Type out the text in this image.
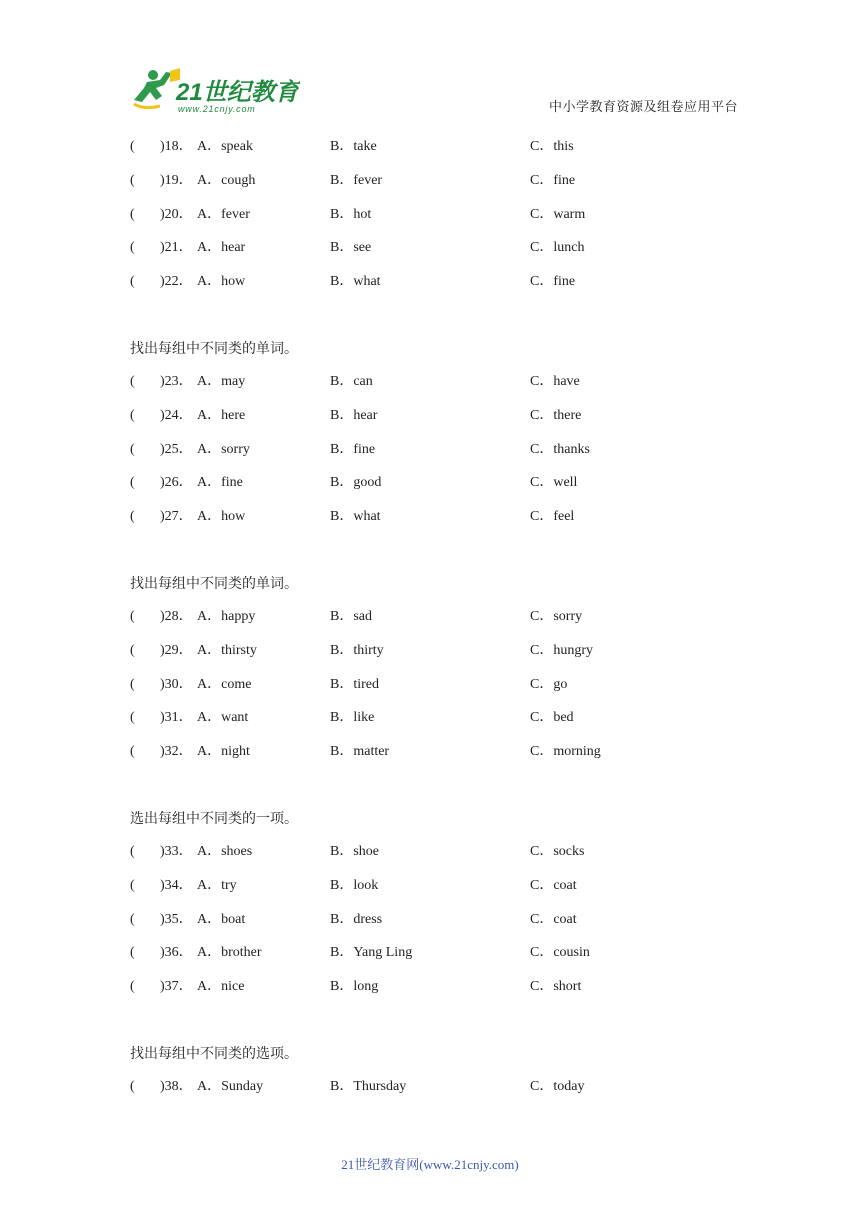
21世纪教育
www.21cnjy.com	中小学教育资源及组卷应用平台
( )18． A．speak	B．take	C．this
( )19． A．cough	B．fever	C．fine
( )20． A．fever	B．hot	C．warm
( )21． A．hear	B．see	C．lunch
( )22． A．how	B．what	C．fine
找出每组中不同类的单词。
( )23． A．may	B．can	C．have
( )24． A．here	B．hear	C．there
( )25． A．sorry	B．fine	C．thanks
( )26． A．fine	B．good	C．well
( )27． A．how	B．what	C．feel
找出每组中不同类的单词。
( )28． A．happy	B．sad	C．sorry
( )29． A．thirsty	B．thirty	C．hungry
( )30． A．come	B．tired	C．go
( )31． A．want	B．like	C．bed
( )32． A．night	B．matter	C．morning
选出每组中不同类的一项。
( )33． A．shoes	B．shoe	C．socks
( )34． A．try	B．look	C．coat
( )35． A．boat	B．dress	C．coat
( )36． A．brother	B．Yang Ling	C．cousin
( )37． A．nice	B．long	C．short
找出每组中不同类的选项。
( )38． A．Sunday	B．Thursday	C．today
21世纪教育网(www.21cnjy.com)
